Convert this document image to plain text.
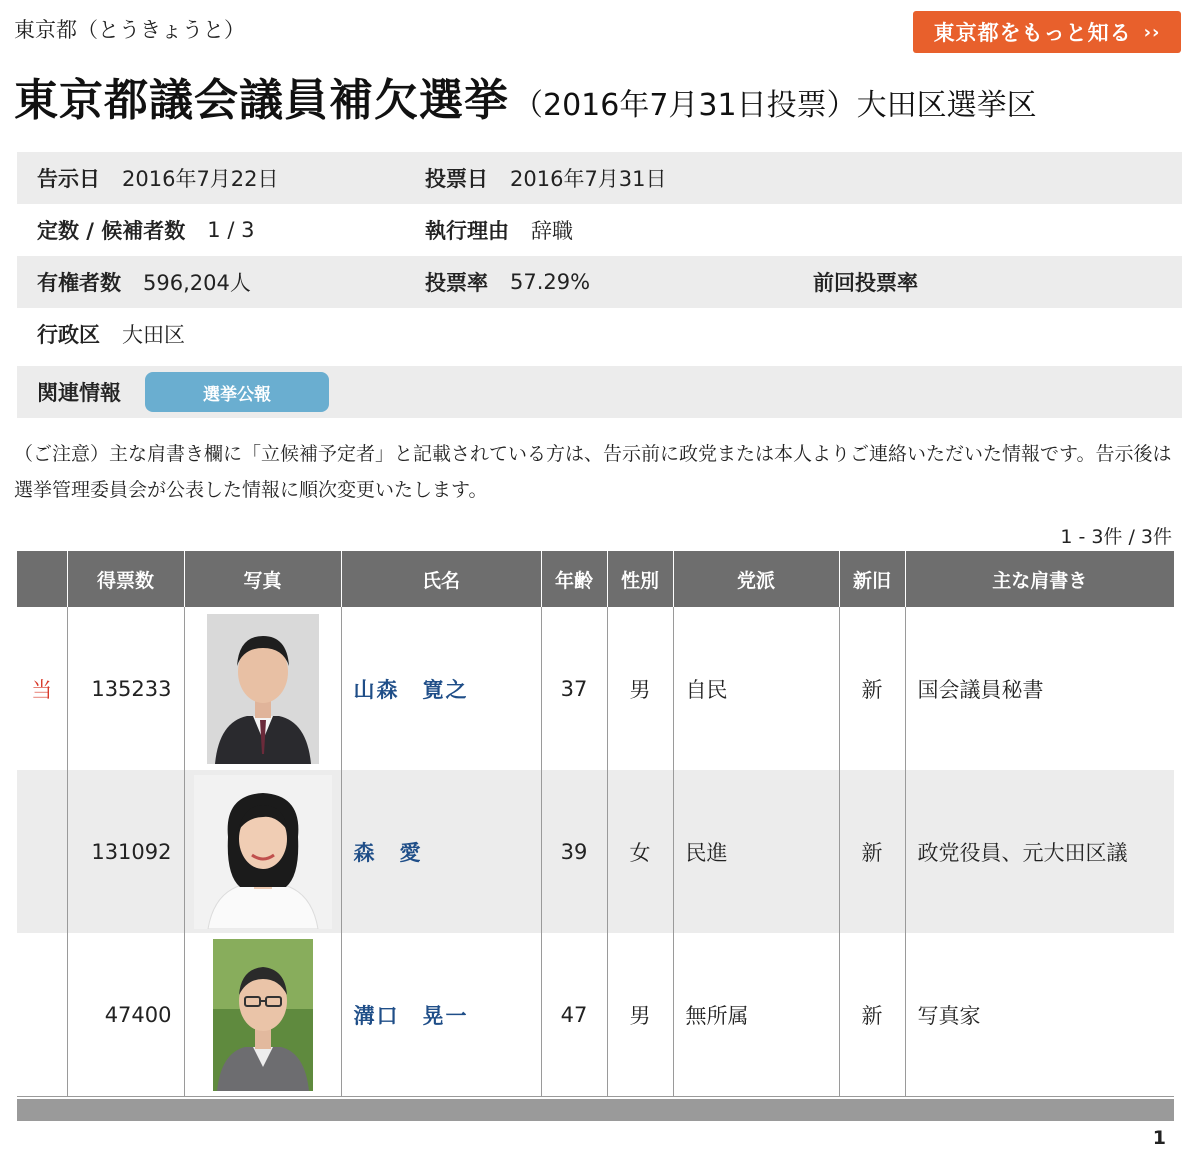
東京都（とうきょうと）	東京都をもっと知る ››
東京都議会議員補欠選挙 （2016年7月31日投票）大田区選挙区
告示日 2016年7月22日	投票日 2016年7月31日
定数 / 候補者数 1 / 3	執行理由 辞職
有権者数 596,204人	投票率 57.29%	前回投票率
行政区 大田区
関連情報	選挙公報
（ご注意）主な肩書き欄に「立候補予定者」と記載されている方は、告示前に政党または本人よりご連絡いただいた情報です。告示後は選挙管理委員会が公表した情報に順次変更いたします。
1 - 3件 / 3件
	得票数	写真	氏名	年齢	性別	党派	新旧	主な肩書き
当	135233		山森　寛之	37	男	自民	新	国会議員秘書
	131092		森　愛	39	女	民進	新	政党役員、元大田区議
	47400		溝口　晃一	47	男	無所属	新	写真家
1
